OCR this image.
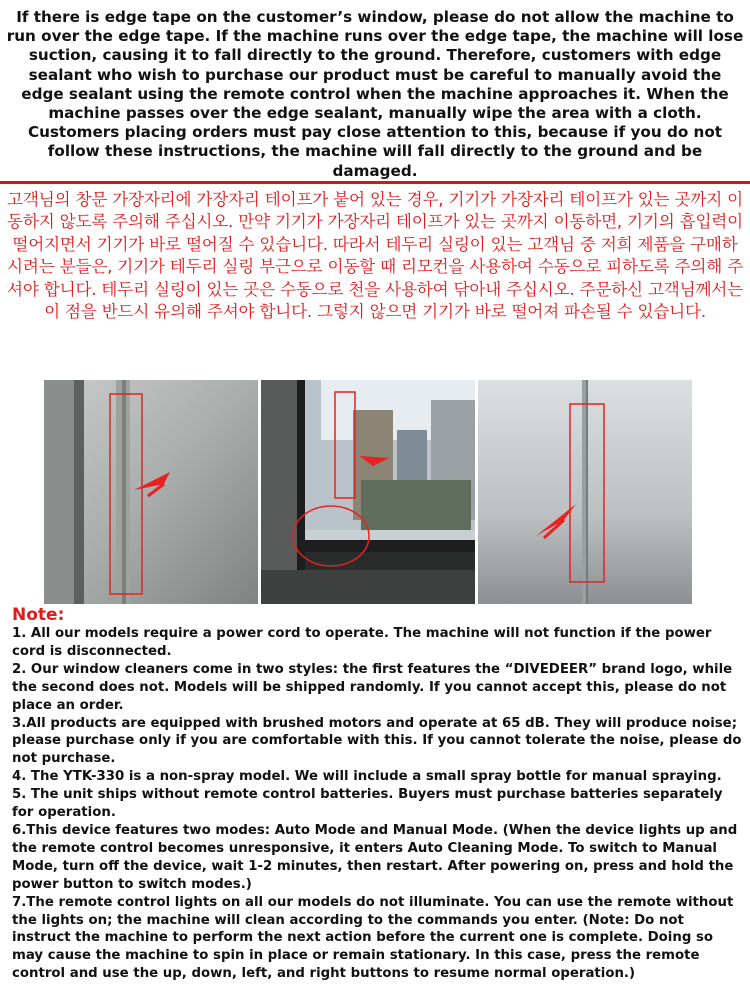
If there is edge tape on the customer’s window, please do not allow the machine to run over the edge tape. If the machine runs over the edge tape, the machine will lose suction, causing it to fall directly to the ground. Therefore, customers with edge sealant who wish to purchase our product must be careful to manually avoid the edge sealant using the remote control when the machine approaches it. When the machine passes over the edge sealant, manually wipe the area with a cloth. Customers placing orders must pay close attention to this, because if you do not follow these instructions, the machine will fall directly to the ground and be damaged.
고객님의 창문 가장자리에 가장자리 테이프가 붙어 있는 경우, 기기가 가장자리 테이프가 있는 곳까지 이동하지 않도록 주의해 주십시오. 만약 기기가 가장자리 테이프가 있는 곳까지 이동하면, 기기의 흡입력이 떨어지면서 기기가 바로 떨어질 수 있습니다. 따라서 테두리 실링이 있는 고객님 중 저희 제품을 구매하시려는 분들은, 기기가 테두리 실링 부근으로 이동할 때 리모컨을 사용하여 수동으로 피하도록 주의해 주셔야 합니다. 테두리 실링이 있는 곳은 수동으로 천을 사용하여 닦아내 주십시오. 주문하신 고객님께서는 이 점을 반드시 유의해 주셔야 합니다. 그렇지 않으면 기기가 바로 떨어져 파손될 수 있습니다.
Note:

1. All our models require a power cord to operate. The machine will not function if the power cord is disconnected.

2. Our window cleaners come in two styles: the first features the “DIVEDEER” brand logo, while the second does not. Models will be shipped randomly. If you cannot accept this, please do not place an order.

3.All products are equipped with brushed motors and operate at 65 dB. They will produce noise; please purchase only if you are comfortable with this. If you cannot tolerate the noise, please do not purchase.

4. The YTK-330 is a non-spray model. We will include a small spray bottle for manual spraying.

5. The unit ships without remote control batteries. Buyers must purchase batteries separately for operation.

6.This device features two modes: Auto Mode and Manual Mode. (When the device lights up and the remote control becomes unresponsive, it enters Auto Cleaning Mode. To switch to Manual Mode, turn off the device, wait 1-2 minutes, then restart. After powering on, press and hold the power button to switch modes.)

7.The remote control lights on all our models do not illuminate. You can use the remote without the lights on; the machine will clean according to the commands you enter. (Note: Do not instruct the machine to perform the next action before the current one is complete. Doing so may cause the machine to spin in place or remain stationary. In this case, press the remote control and use the up, down, left, and right buttons to resume normal operation.)
